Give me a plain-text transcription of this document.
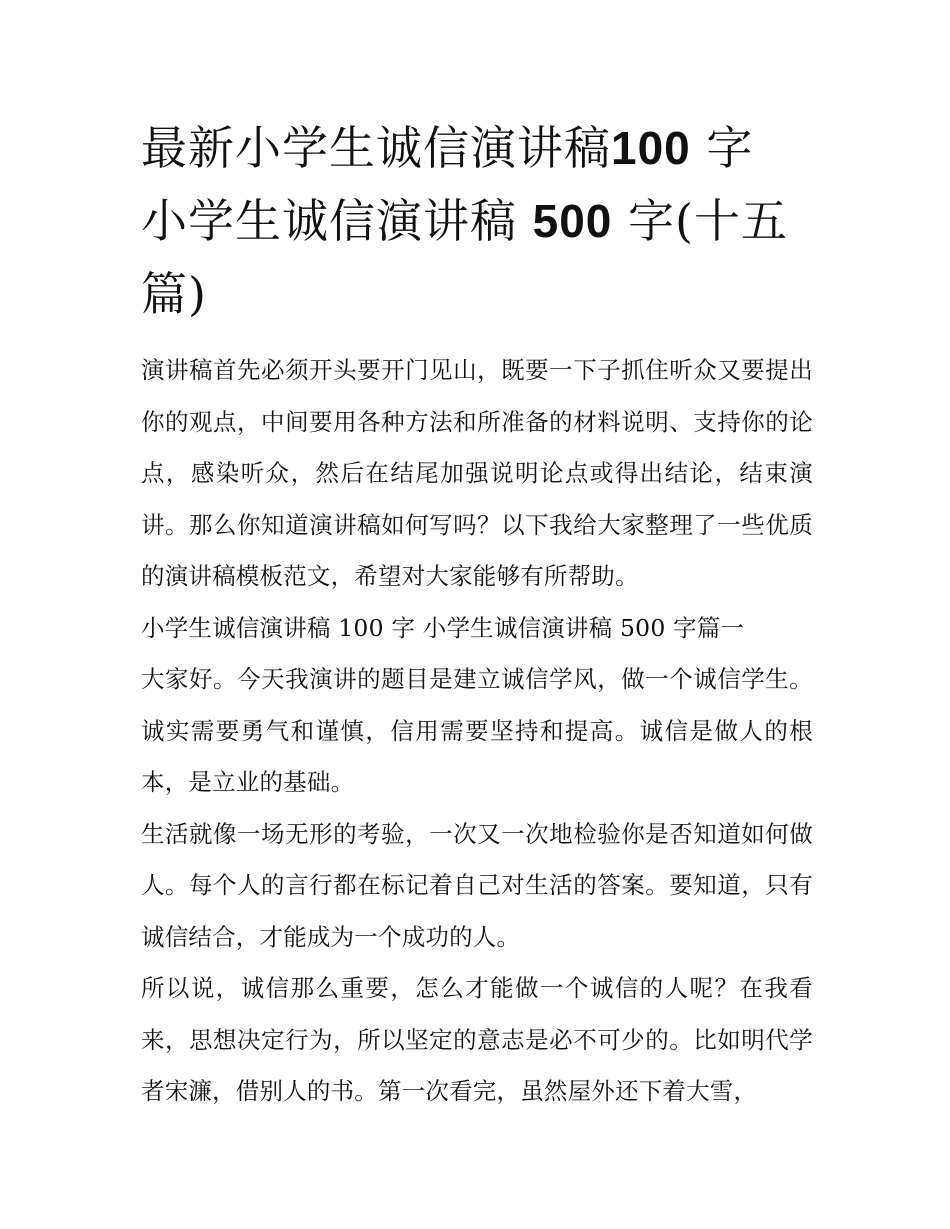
最新小学生诚信演讲稿100 字
小学生诚信演讲稿 500 字(十五
篇)

演讲稿首先必须开头要开门见山，既要一下子抓住听众又要提出你的观点，中间要用各种方法和所准备的材料说明、支持你的论点，感染听众，然后在结尾加强说明论点或得出结论，结束演讲。那么你知道演讲稿如何写吗？以下我给大家整理了一些优质的演讲稿模板范文，希望对大家能够有所帮助。

小学生诚信演讲稿 100 字 小学生诚信演讲稿 500 字篇一

大家好。今天我演讲的题目是建立诚信学风，做一个诚信学生。诚实需要勇气和谨慎，信用需要坚持和提高。诚信是做人的根本，是立业的基础。

生活就像一场无形的考验，一次又一次地检验你是否知道如何做人。每个人的言行都在标记着自己对生活的答案。要知道，只有诚信结合，才能成为一个成功的人。

所以说，诚信那么重要，怎么才能做一个诚信的人呢？在我看来，思想决定行为，所以坚定的意志是必不可少的。比如明代学者宋濂，借别人的书。第一次看完，虽然屋外还下着大雪，
